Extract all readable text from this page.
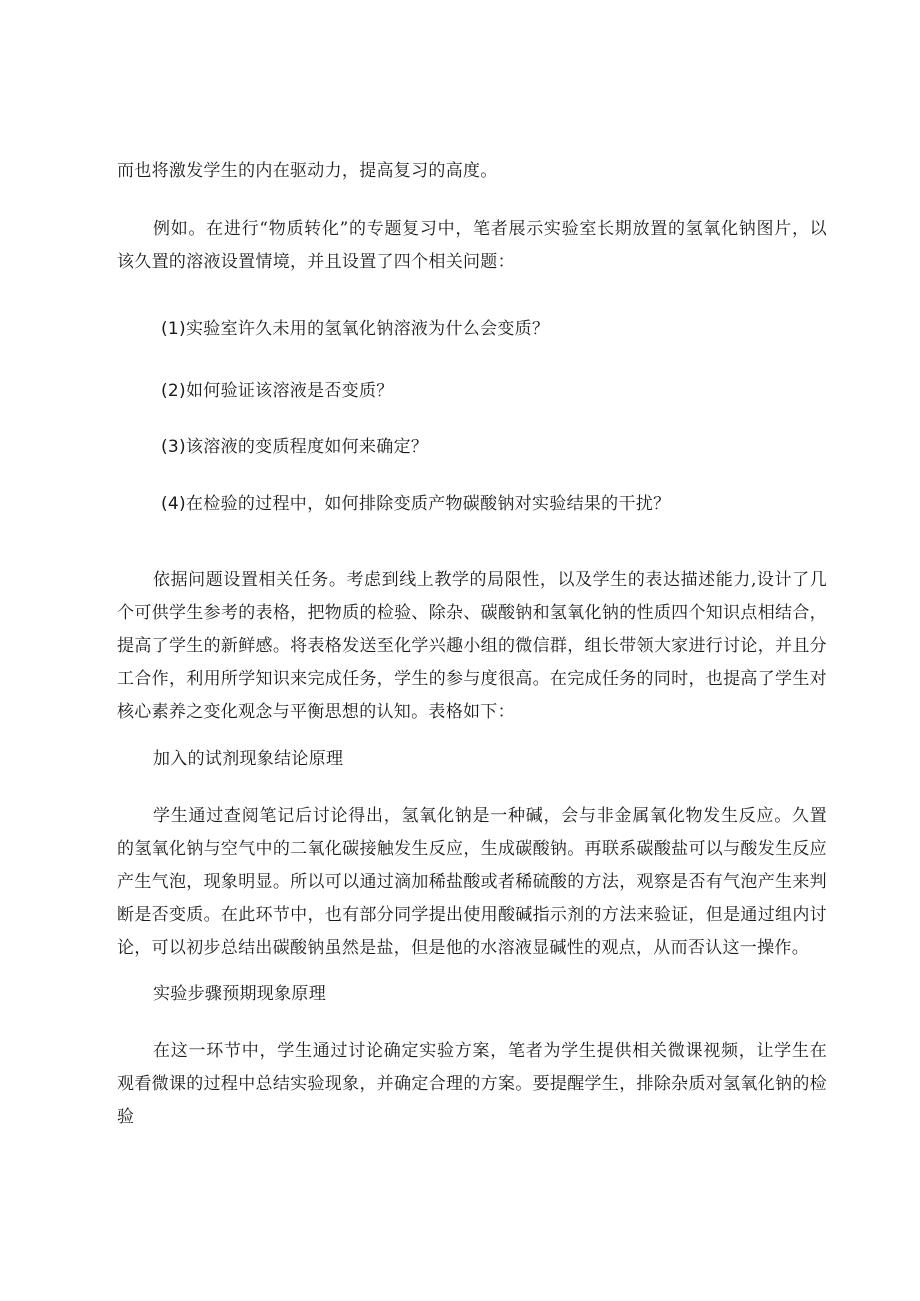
而也将激发学生的内在驱动力，提高复习的高度。

例如。在进行“物质转化”的专题复习中，笔者展示实验室长期放置的氢氧化钠图片，以该久置的溶液设置情境，并且设置了四个相关问题：

(1)实验室许久未用的氢氧化钠溶液为什么会变质？

(2)如何验证该溶液是否变质？

(3)该溶液的变质程度如何来确定？

(4)在检验的过程中，如何排除变质产物碳酸钠对实验结果的干扰？

依据问题设置相关任务。考虑到线上教学的局限性，以及学生的表达描述能力,设计了几个可供学生参考的表格，把物质的检验、除杂、碳酸钠和氢氧化钠的性质四个知识点相结合，提高了学生的新鲜感。将表格发送至化学兴趣小组的微信群，组长带领大家进行讨论，并且分工合作，利用所学知识来完成任务，学生的参与度很高。在完成任务的同时，也提高了学生对核心素养之变化观念与平衡思想的认知。表格如下：

加入的试剂现象结论原理

学生通过查阅笔记后讨论得出，氢氧化钠是一种碱，会与非金属氧化物发生反应。久置的氢氧化钠与空气中的二氧化碳接触发生反应，生成碳酸钠。再联系碳酸盐可以与酸发生反应产生气泡，现象明显。所以可以通过滴加稀盐酸或者稀硫酸的方法，观察是否有气泡产生来判断是否变质。在此环节中，也有部分同学提出使用酸碱指示剂的方法来验证，但是通过组内讨论，可以初步总结出碳酸钠虽然是盐，但是他的水溶液显碱性的观点，从而否认这一操作。

实验步骤预期现象原理

在这一环节中，学生通过讨论确定实验方案，笔者为学生提供相关微课视频，让学生在观看微课的过程中总结实验现象，并确定合理的方案。要提醒学生，排除杂质对氢氧化钠的检验
